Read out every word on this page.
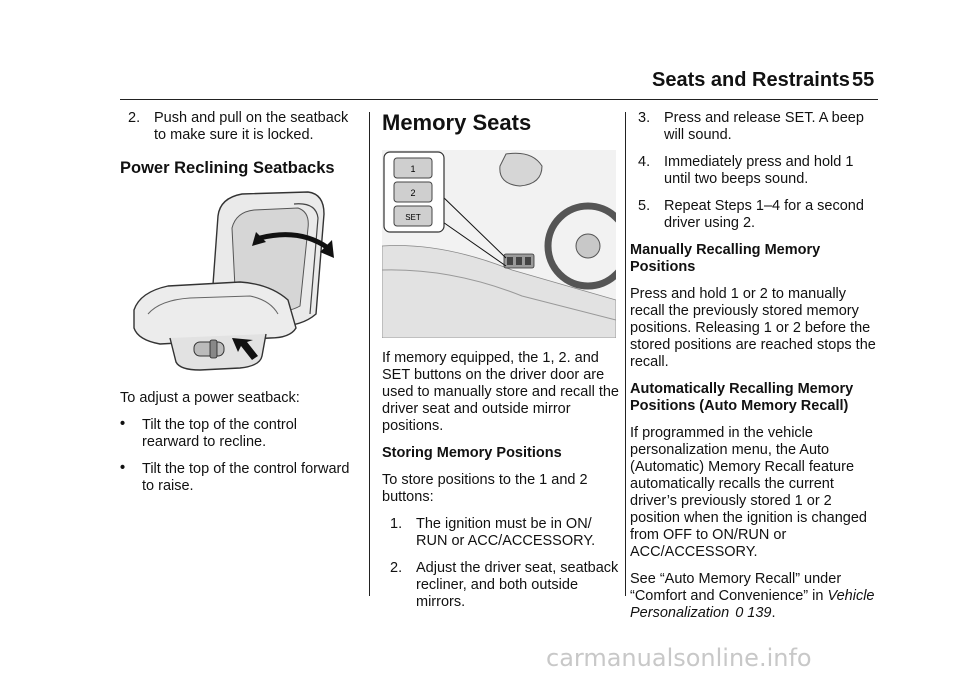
Seats and Restraints 55
2. Push and pull on the seatback to make sure it is locked.
Power Reclining Seatbacks

To adjust a power seatback:

• Tilt the top of the control rearward to recline.
• Tilt the top of the control forward to raise.
Memory Seats
1
2
SET

If memory equipped, the 1, 2. and SET buttons on the driver door are used to manually store and recall the driver seat and outside mirror positions.

Storing Memory Positions

To store positions to the 1 and 2 buttons:

1. The ignition must be in ON/ RUN or ACC/ACCESSORY.
2. Adjust the driver seat, seatback recliner, and both outside mirrors.
3. Press and release SET. A beep will sound.
4. Immediately press and hold 1 until two beeps sound.
5. Repeat Steps 1–4 for a second driver using 2.
Manually Recalling Memory Positions

Press and hold 1 or 2 to manually recall the previously stored memory positions. Releasing 1 or 2 before the stored positions are reached stops the recall.

Automatically Recalling Memory Positions (Auto Memory Recall)

If programmed in the vehicle personalization menu, the Auto (Automatic) Memory Recall feature automatically recalls the current driver’s previously stored 1 or 2 position when the ignition is changed from OFF to ON/RUN or ACC/ACCESSORY.

See “Auto Memory Recall” under “Comfort and Convenience” in Vehicle Personalization 0 139.

carmanualsonline.info
